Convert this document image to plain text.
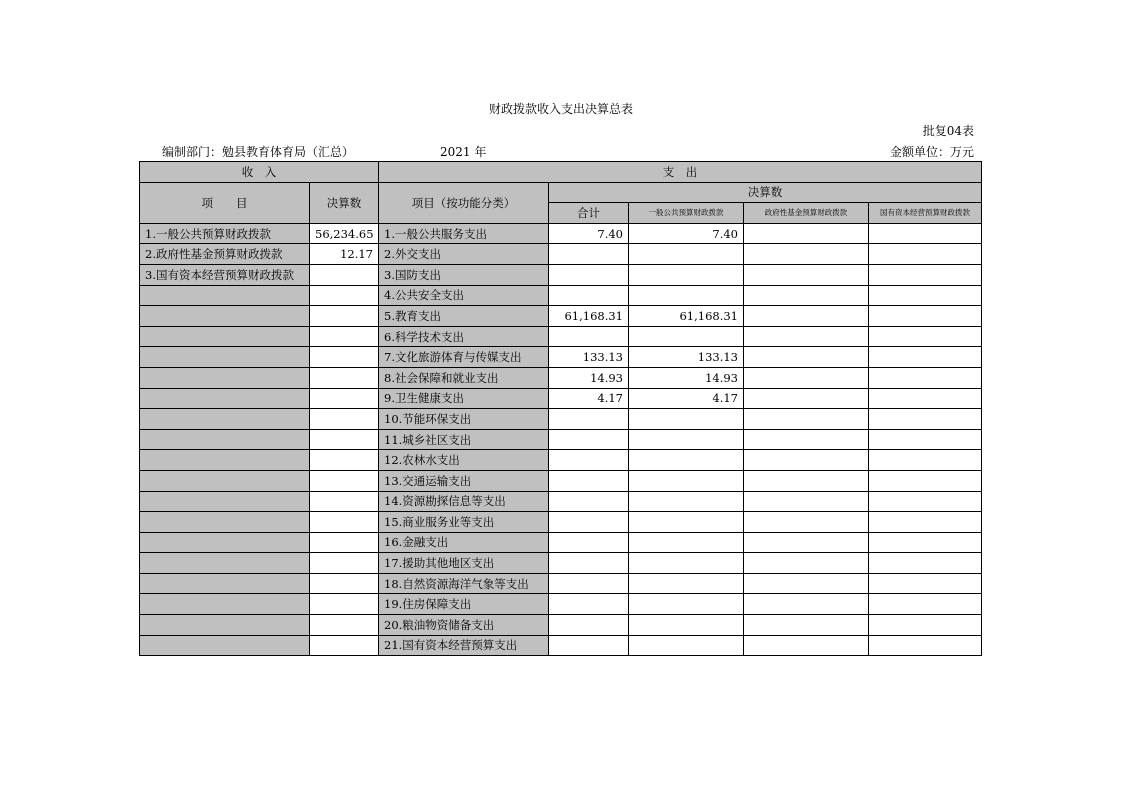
财政拨款收入支出决算总表
批复04表
编制部门：勉县教育体育局（汇总）	2021 年	金额单位：万元
收　入		支　出				
项　　目	决算数	项目（按功能分类）	决算数			
			合计	一般公共预算财政拨款	政府性基金预算财政拨款	国有资本经营预算财政拨款
1.一般公共预算财政拨款	56,234.65	1.一般公共服务支出	7.40	7.40		
2.政府性基金预算财政拨款	12.17	2.外交支出				
3.国有资本经营预算财政拨款		3.国防支出				
		4.公共安全支出				
		5.教育支出	61,168.31	61,168.31		
		6.科学技术支出				
		7.文化旅游体育与传媒支出	133.13	133.13		
		8.社会保障和就业支出	14.93	14.93		
		9.卫生健康支出	4.17	4.17		
		10.节能环保支出				
		11.城乡社区支出				
		12.农林水支出				
		13.交通运输支出				
		14.资源勘探信息等支出				
		15.商业服务业等支出				
		16.金融支出				
		17.援助其他地区支出				
		18.自然资源海洋气象等支出				
		19.住房保障支出				
		20.粮油物资储备支出				
		21.国有资本经营预算支出				
